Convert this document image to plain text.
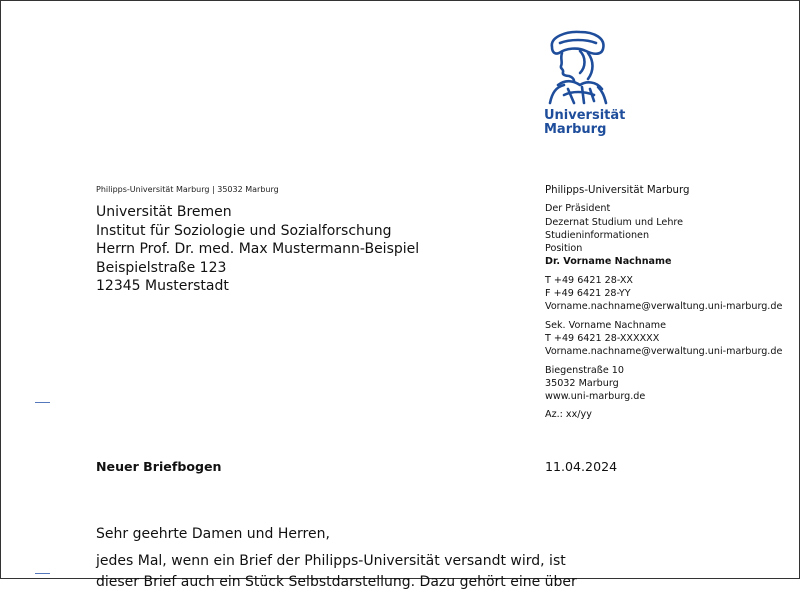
Universität
Marburg
Philipps-Universität Marburg | 35032 Marburg
Universität Bremen
Institut für Soziologie und Sozialforschung
Herrn Prof. Dr. med. Max Mustermann-Beispiel
Beispielstraße 123
12345 Musterstadt
Philipps-Universität Marburg
Der Präsident
Dezernat Studium und Lehre
Studieninformationen
Position
Dr. Vorname Nachname
T +49 6421 28-XX
F +49 6421 28-YY
Vorname.nachname@verwaltung.uni-marburg.de
Sek. Vorname Nachname
T +49 6421 28-XXXXXX
Vorname.nachname@verwaltung.uni-marburg.de
Biegenstraße 10
35032 Marburg
www.uni-marburg.de
Az.: xx/yy
Neuer Briefbogen	11.04.2024
Sehr geehrte Damen und Herren,
jedes Mal, wenn ein Brief der Philipps-Universität versandt wird, ist
dieser Brief auch ein Stück Selbstdarstellung. Dazu gehört eine über
